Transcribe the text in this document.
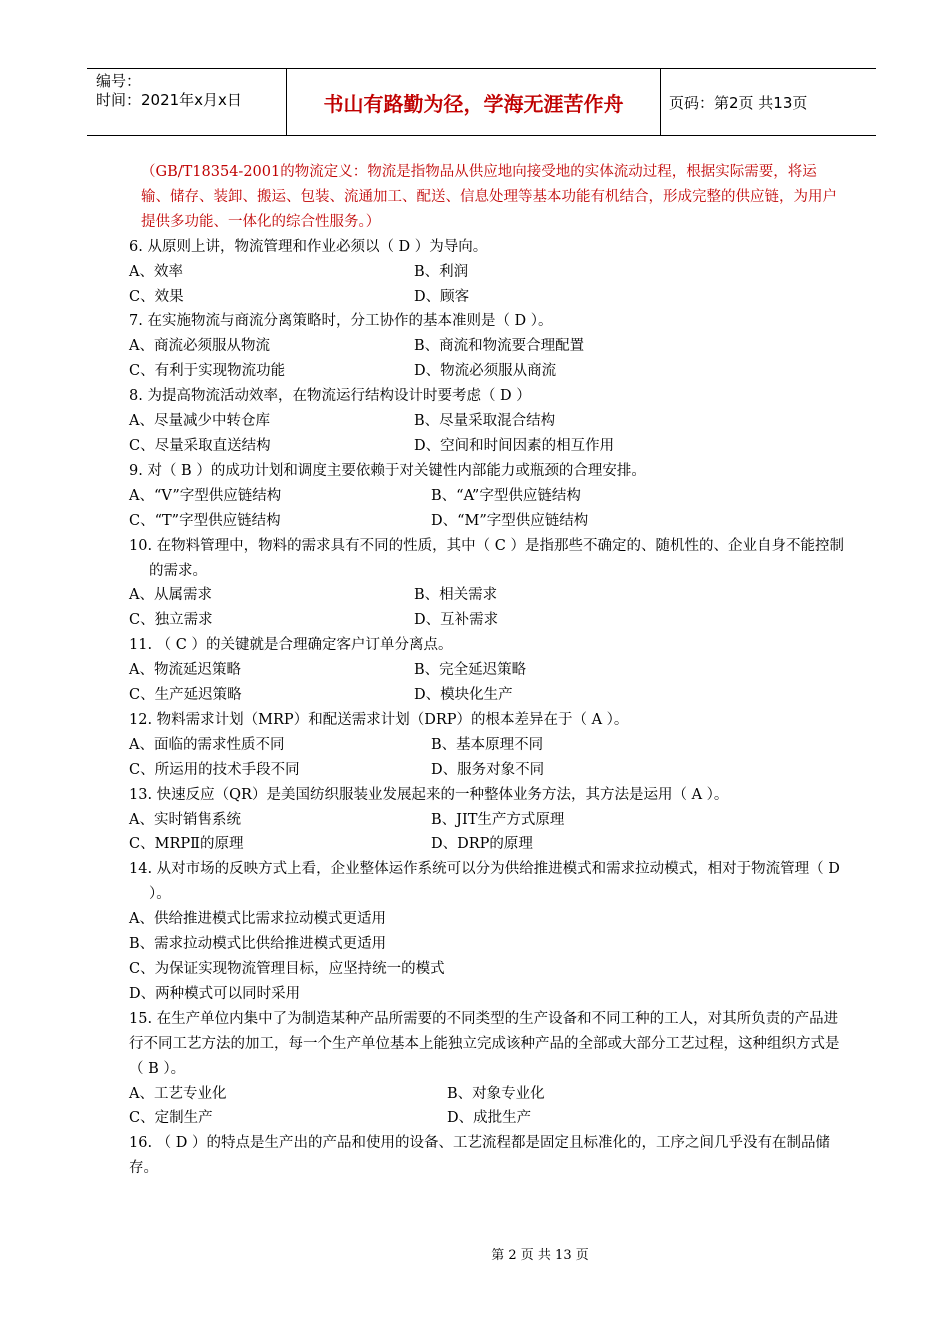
编号：
时间：2021年x月x日	书山有路勤为径，学海无涯苦作舟	页码：第2页 共13页
（GB/T18354-2001的物流定义：物流是指物品从供应地向接受地的实体流动过程，根据实际需要，将运输、储存、装卸、搬运、包装、流通加工、配送、信息处理等基本功能有机结合，形成完整的供应链，为用户提供多功能、一体化的综合性服务。）
6. 从原则上讲，物流管理和作业必须以（ D ）为导向。
A、效率	B、利润
C、效果	D、顾客
7. 在实施物流与商流分离策略时，分工协作的基本准则是（ D ）。
A、商流必须服从物流	B、商流和物流要合理配置
C、有利于实现物流功能	D、物流必须服从商流
8. 为提高物流活动效率，在物流运行结构设计时要考虑（ D ）
A、尽量减少中转仓库	B、尽量采取混合结构
C、尽量采取直送结构	D、空间和时间因素的相互作用
9. 对（ B ）的成功计划和调度主要依赖于对关键性内部能力或瓶颈的合理安排。
A、“V”字型供应链结构	B、“A”字型供应链结构
C、“T”字型供应链结构	D、“M”字型供应链结构
10. 在物料管理中，物料的需求具有不同的性质，其中（ C ）是指那些不确定的、随机性的、企业自身不能控制的需求。
A、从属需求	B、相关需求
C、独立需求	D、互补需求
11. （ C ）的关键就是合理确定客户订单分离点。
A、物流延迟策略	B、完全延迟策略
C、生产延迟策略	D、模块化生产
12. 物料需求计划（MRP）和配送需求计划（DRP）的根本差异在于（ A ）。
A、面临的需求性质不同	B、基本原理不同
C、所运用的技术手段不同	D、服务对象不同
13. 快速反应（QR）是美国纺织服装业发展起来的一种整体业务方法，其方法是运用（ A ）。
A、实时销售系统	B、JIT生产方式原理
C、MRPⅡ的原理	D、DRP的原理
14. 从对市场的反映方式上看，企业整体运作系统可以分为供给推进模式和需求拉动模式，相对于物流管理（ D ）。
A、供给推进模式比需求拉动模式更适用
B、需求拉动模式比供给推进模式更适用
C、为保证实现物流管理目标，应坚持统一的模式
D、两种模式可以同时采用
15. 在生产单位内集中了为制造某种产品所需要的不同类型的生产设备和不同工种的工人，对其所负责的产品进行不同工艺方法的加工，每一个生产单位基本上能独立完成该种产品的全部或大部分工艺过程，这种组织方式是（ B ）。
A、工艺专业化	B、对象专业化
C、定制生产	D、成批生产
16. （ D ）的特点是生产出的产品和使用的设备、工艺流程都是固定且标准化的，工序之间几乎没有在制品储存。
第 2 页 共 13 页
